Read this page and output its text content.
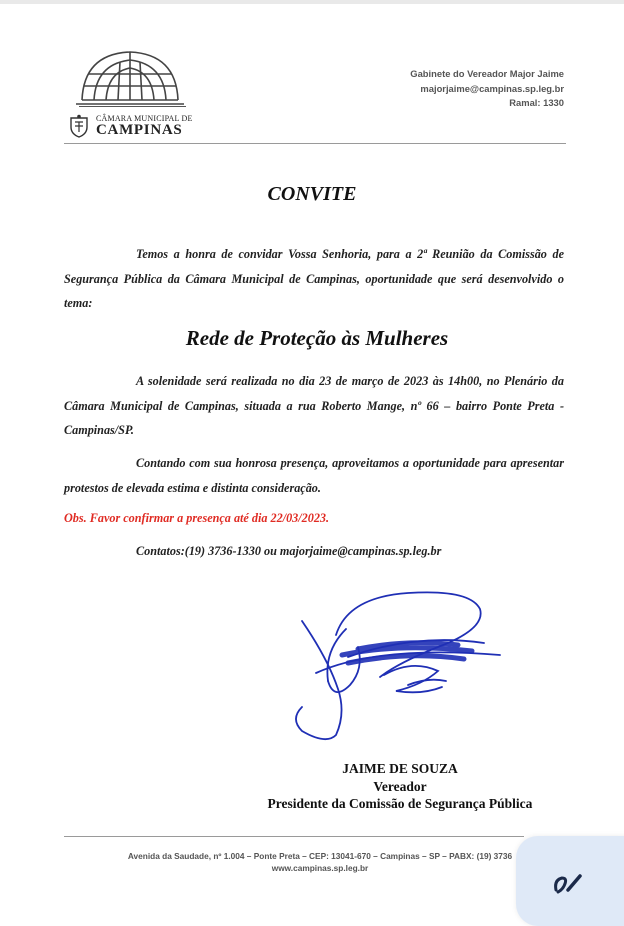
CÂMARA MUNICIPAL DE
CAMPINAS
Gabinete do Vereador Major Jaime
majorjaime@campinas.sp.leg.br
Ramal: 1330
CONVITE

Temos a honra de convidar Vossa Senhoria, para a 2ª Reunião da Comissão de Segurança Pública da Câmara Municipal de Campinas, oportunidade que será desenvolvido o tema:

Rede de Proteção às Mulheres

A solenidade será realizada no dia 23 de março de 2023 às 14h00, no Plenário da Câmara Municipal de Campinas, situada a rua Roberto Mange, nº 66 – bairro Ponte Preta - Campinas/SP.

Contando com sua honrosa presença, aproveitamos a oportunidade para apresentar protestos de elevada estima e distinta consideração.

Obs. Favor confirmar a presença até dia 22/03/2023.
Contatos:(19) 3736-1330 ou majorjaime@campinas.sp.leg.br
JAIME DE SOUZA
Vereador
Presidente da Comissão de Segurança Pública
Avenida da Saudade, nº 1.004 – Ponte Preta – CEP: 13041-670 – Campinas – SP – PABX: (19) 3736
www.campinas.sp.leg.br
